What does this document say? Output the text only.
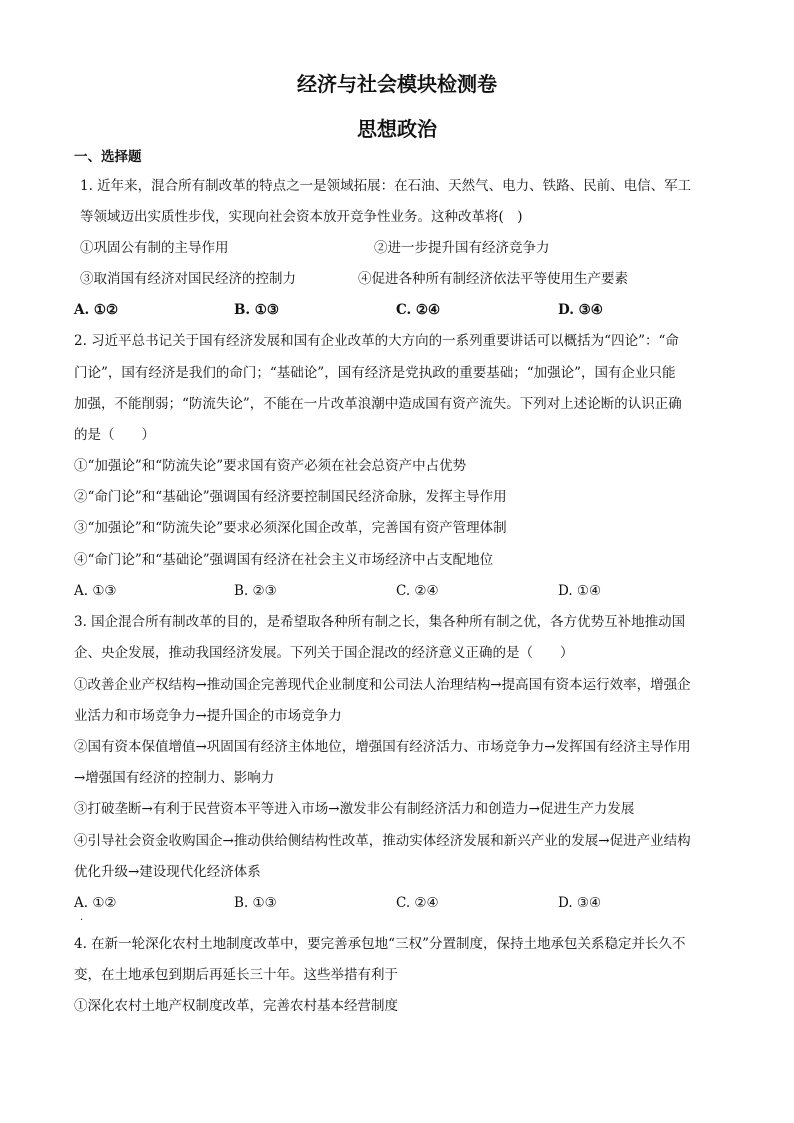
经济与社会模块检测卷
思想政治
一、选择题
1. 近年来，混合所有制改革的特点之一是领域拓展：在石油、天然气、电力、铁路、民前、电信、军工
等领域迈出实质性步伐，实现向社会资本放开竞争性业务。这种改革将(　)
①巩固公有制的主导作用	②进一步提升国有经济竞争力
③取消国有经济对国民经济的控制力	④促进各种所有制经济依法平等使用生产要素
A. ①②	B. ①③	C. ②④	D. ③④
2. 习近平总书记关于国有经济发展和国有企业改革的大方向的一系列重要讲话可以概括为“四论”：“命
门论”，国有经济是我们的命门；“基础论”，国有经济是党执政的重要基础；“加强论”，国有企业只能
加强，不能削弱；“防流失论”，不能在一片改革浪潮中造成国有资产流失。下列对上述论断的认识正确
的是（　　）
①“加强论”和“防流失论”要求国有资产必须在社会总资产中占优势
②“命门论”和“基础论”强调国有经济要控制国民经济命脉，发挥主导作用
③“加强论”和“防流失论”要求必须深化国企改革，完善国有资产管理体制
④“命门论”和“基础论”强调国有经济在社会主义市场经济中占支配地位
A. ①③	B. ②③	C. ②④	D. ①④
3. 国企混合所有制改革的目的，是希望取各种所有制之长，集各种所有制之优，各方优势互补地推动国
企、央企发展，推动我国经济发展。下列关于国企混改的经济意义正确的是（　　）
①改善企业产权结构→推动国企完善现代企业制度和公司法人治理结构→提高国有资本运行效率，增强企
业活力和市场竞争力→提升国企的市场竞争力
②国有资本保值增值→巩固国有经济主体地位，增强国有经济活力、市场竞争力→发挥国有经济主导作用
→增强国有经济的控制力、影响力
③打破垄断→有利于民营资本平等进入市场→激发非公有制经济活力和创造力→促进生产力发展
④引导社会资金收购国企→推动供给侧结构性改革，推动实体经济发展和新兴产业的发展→促进产业结构
优化升级→建设现代化经济体系
A. ①②	B. ①③	C. ②④	D. ③④
.
4. 在新一轮深化农村土地制度改革中，要完善承包地“三权”分置制度，保持土地承包关系稳定并长久不
变，在土地承包到期后再延长三十年。这些举措有利于
①深化农村土地产权制度改革，完善农村基本经营制度
